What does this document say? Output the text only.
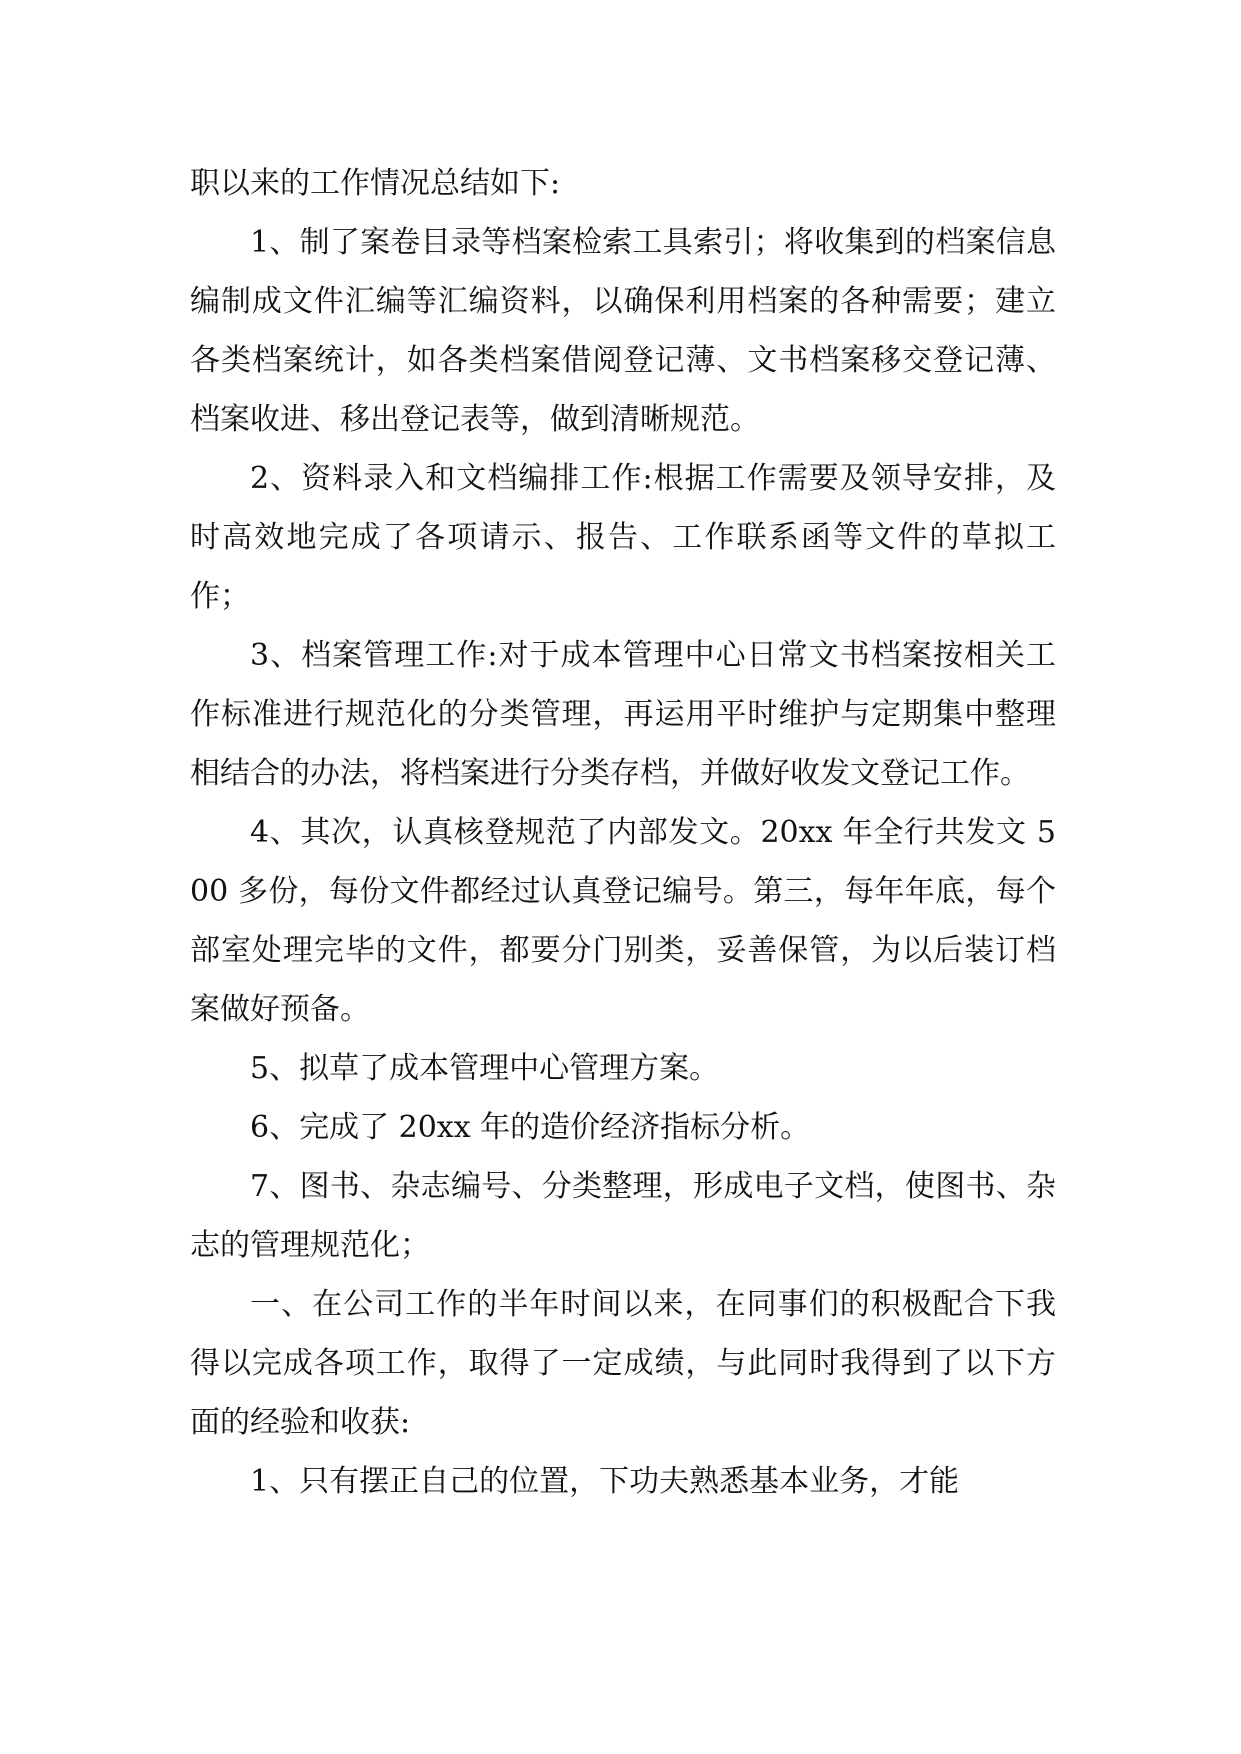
职以来的工作情况总结如下:

1、制了案卷目录等档案检索工具索引；将收集到的档案信息编制成文件汇编等汇编资料，以确保利用档案的各种需要；建立各类档案统计，如各类档案借阅登记薄、文书档案移交登记薄、档案收进、移出登记表等，做到清晰规范。

2、资料录入和文档编排工作:根据工作需要及领导安排，及时高效地完成了各项请示、报告、工作联系函等文件的草拟工作；

3、档案管理工作:对于成本管理中心日常文书档案按相关工作标准进行规范化的分类管理，再运用平时维护与定期集中整理相结合的办法，将档案进行分类存档，并做好收发文登记工作。

4、其次，认真核登规范了内部发文。20xx 年全行共发文 500 多份，每份文件都经过认真登记编号。第三，每年年底，每个部室处理完毕的文件，都要分门别类，妥善保管，为以后装订档案做好预备。

5、拟草了成本管理中心管理方案。

6、完成了 20xx 年的造价经济指标分析。

7、图书、杂志编号、分类整理，形成电子文档，使图书、杂志的管理规范化；

一、在公司工作的半年时间以来，在同事们的积极配合下我得以完成各项工作，取得了一定成绩，与此同时我得到了以下方面的经验和收获:

1、只有摆正自己的位置，下功夫熟悉基本业务，才能
